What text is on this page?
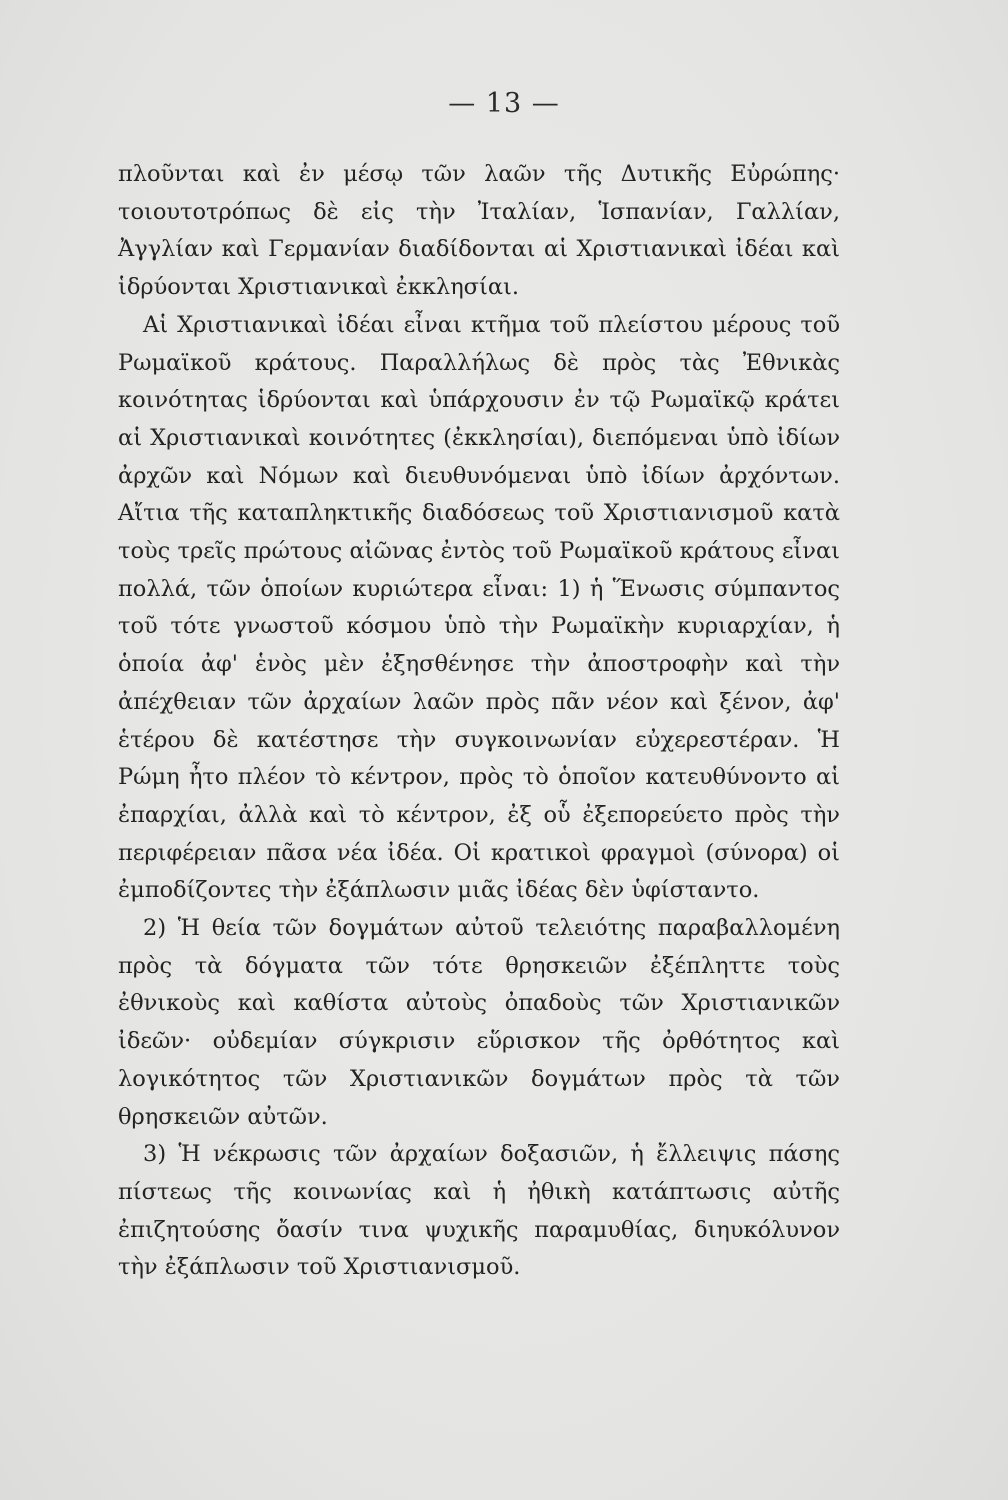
— 13 —

πλοῦνται καὶ ἐν μέσῳ τῶν λαῶν τῆς Δυτικῆς Εὐρώπης· τοιουτοτρόπως δὲ εἰς τὴν Ἰταλίαν, Ἱσπανίαν, Γαλλίαν, Ἀγγλίαν καὶ Γερμανίαν διαδίδονται αἱ Χριστιανικαὶ ἰδέαι καὶ ἱδρύονται Χριστιανικαὶ ἐκκλησίαι.

Αἱ Χριστιανικαὶ ἰδέαι εἶναι κτῆμα τοῦ πλείστου μέρους τοῦ Ρωμαϊκοῦ κράτους. Παραλλήλως δὲ πρὸς τὰς Ἐθνικὰς κοινότητας ἱδρύονται καὶ ὑπάρχουσιν ἐν τῷ Ρωμαϊκῷ κράτει αἱ Χριστιανικαὶ κοινότητες (ἐκκλησίαι), διεπόμεναι ὑπὸ ἰδίων ἀρχῶν καὶ Νόμων καὶ διευθυνόμεναι ὑπὸ ἰδίων ἀρχόντων. Αἴτια τῆς καταπληκτικῆς διαδόσεως τοῦ Χριστιανισμοῦ κατὰ τοὺς τρεῖς πρώτους αἰῶνας ἐντὸς τοῦ Ρωμαϊκοῦ κράτους εἶναι πολλά, τῶν ὁποίων κυριώτερα εἶναι: 1) ἡ Ἕνωσις σύμπαντος τοῦ τότε γνωστοῦ κόσμου ὑπὸ τὴν Ρωμαϊκὴν κυριαρχίαν, ἡ ὁποία ἀφ' ἑνὸς μὲν ἐξησθένησε τὴν ἀποστροφὴν καὶ τὴν ἀπέχθειαν τῶν ἀρχαίων λαῶν πρὸς πᾶν νέον καὶ ξένον, ἀφ' ἑτέρου δὲ κατέστησε τὴν συγκοινωνίαν εὐχερεστέραν. Ἡ Ρώμη ἦτο πλέον τὸ κέντρον, πρὸς τὸ ὁποῖον κατευθύνοντο αἱ ἐπαρχίαι, ἀλλὰ καὶ τὸ κέντρον, ἐξ οὗ ἐξεπορεύετο πρὸς τὴν περιφέρειαν πᾶσα νέα ἰδέα. Οἱ κρατικοὶ φραγμοὶ (σύνορα) οἱ ἐμποδίζοντες τὴν ἐξάπλωσιν μιᾶς ἰδέας δὲν ὑφίσταντο.

2) Ἡ θεία τῶν δογμάτων αὐτοῦ τελειότης παραβαλλομένη πρὸς τὰ δόγματα τῶν τότε θρησκειῶν ἐξέπληττε τοὺς ἐθνικοὺς καὶ καθίστα αὐτοὺς ὀπαδοὺς τῶν Χριστιανικῶν ἰδεῶν· οὐδεμίαν σύγκρισιν εὕρισκον τῆς ὀρθότητος καὶ λογικότητος τῶν Χριστιανικῶν δογμάτων πρὸς τὰ τῶν θρησκειῶν αὐτῶν.

3) Ἡ νέκρωσις τῶν ἀρχαίων δοξασιῶν, ἡ ἔλλειψις πάσης πίστεως τῆς κοινωνίας καὶ ἡ ἠθικὴ κατάπτωσις αὐτῆς ἐπιζητούσης ὄασίν τινα ψυχικῆς παραμυθίας, διηυκόλυνον τὴν ἐξάπλωσιν τοῦ Χριστιανισμοῦ.
